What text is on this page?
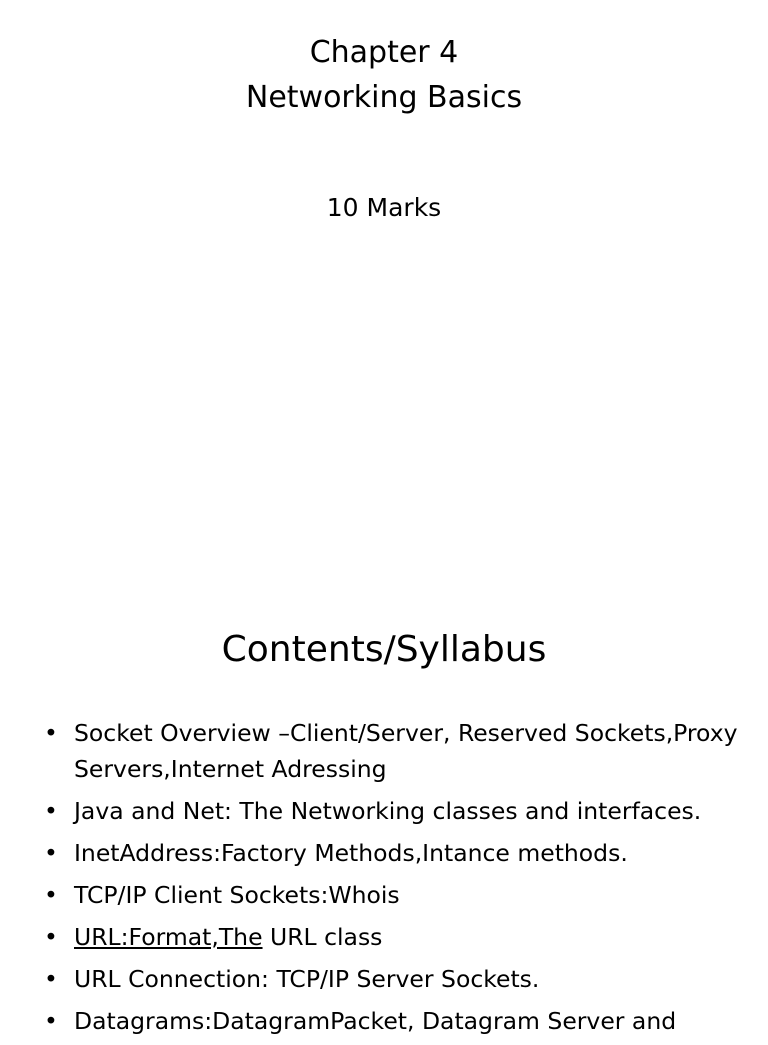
Chapter 4
Networking Basics
10 Marks
Contents/Syllabus
• Socket Overview –Client/Server, Reserved Sockets,Proxy Servers,Internet Adressing
• Java and Net: The Networking classes and interfaces.
• InetAddress:Factory Methods,Intance methods.
• TCP/IP Client Sockets:Whois
• URL:Format,The URL class
• URL Connection: TCP/IP Server Sockets.
• Datagrams:DatagramPacket, Datagram Server and
